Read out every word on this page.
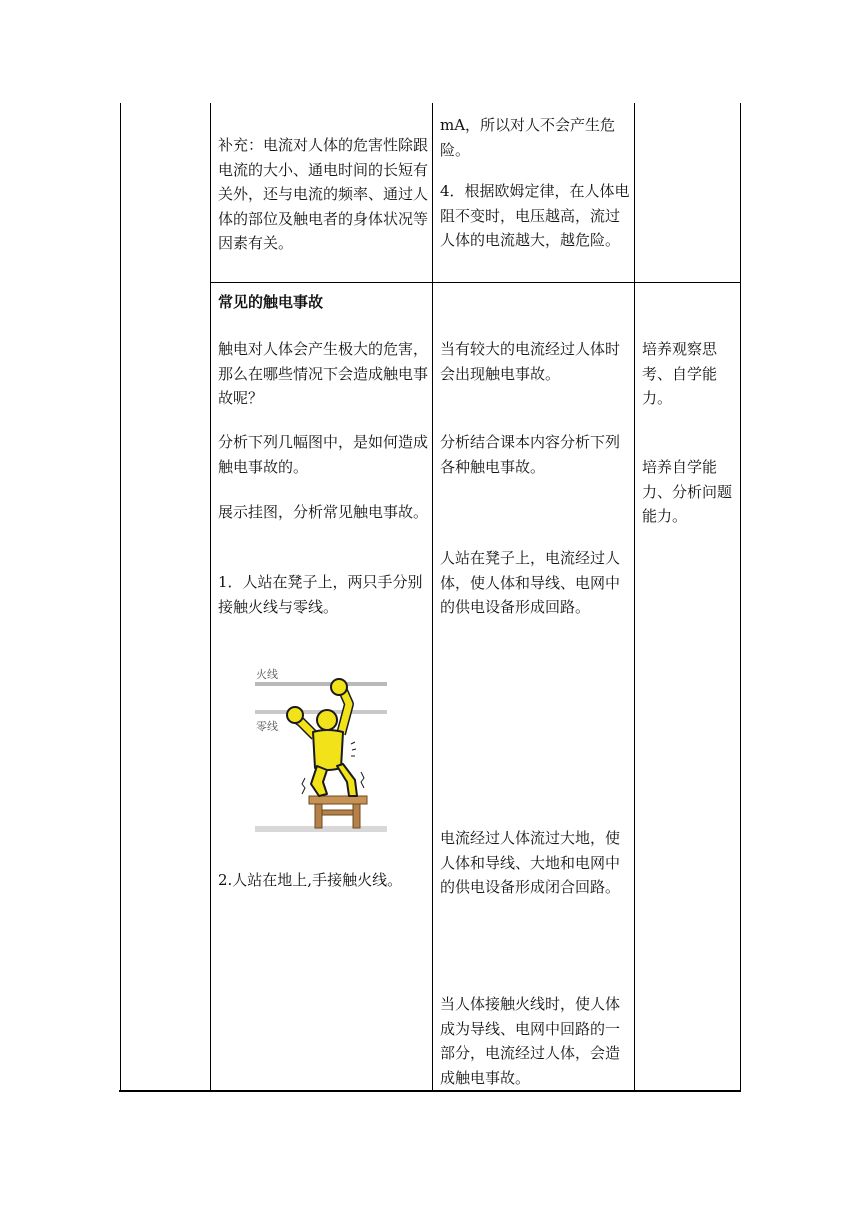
补充：电流对人体的危害性除跟电流的大小、通电时间的长短有关外，还与电流的频率、通过人体的部位及触电者的身体状况等因素有关。
mA，所以对人不会产生危险。
4．根据欧姆定律，在人体电阻不变时，电压越高，流过人体的电流越大，越危险。
常见的触电事故
触电对人体会产生极大的危害，那么在哪些情况下会造成触电事故呢？
分析下列几幅图中，是如何造成触电事故的。
展示挂图，分析常见触电事故。
1．人站在凳子上，两只手分别接触火线与零线。
2.人站在地上,手接触火线。
火线
零线
当有较大的电流经过人体时会出现触电事故。
分析结合课本内容分析下列各种触电事故。
人站在凳子上，电流经过人体，使人体和导线、电网中的供电设备形成回路。
电流经过人体流过大地，使人体和导线、大地和电网中的供电设备形成闭合回路。
当人体接触火线时，使人体成为导线、电网中回路的一部分，电流经过人体，会造成触电事故。
培养观察思考、自学能力。
培养自学能力、分析问题能力。
